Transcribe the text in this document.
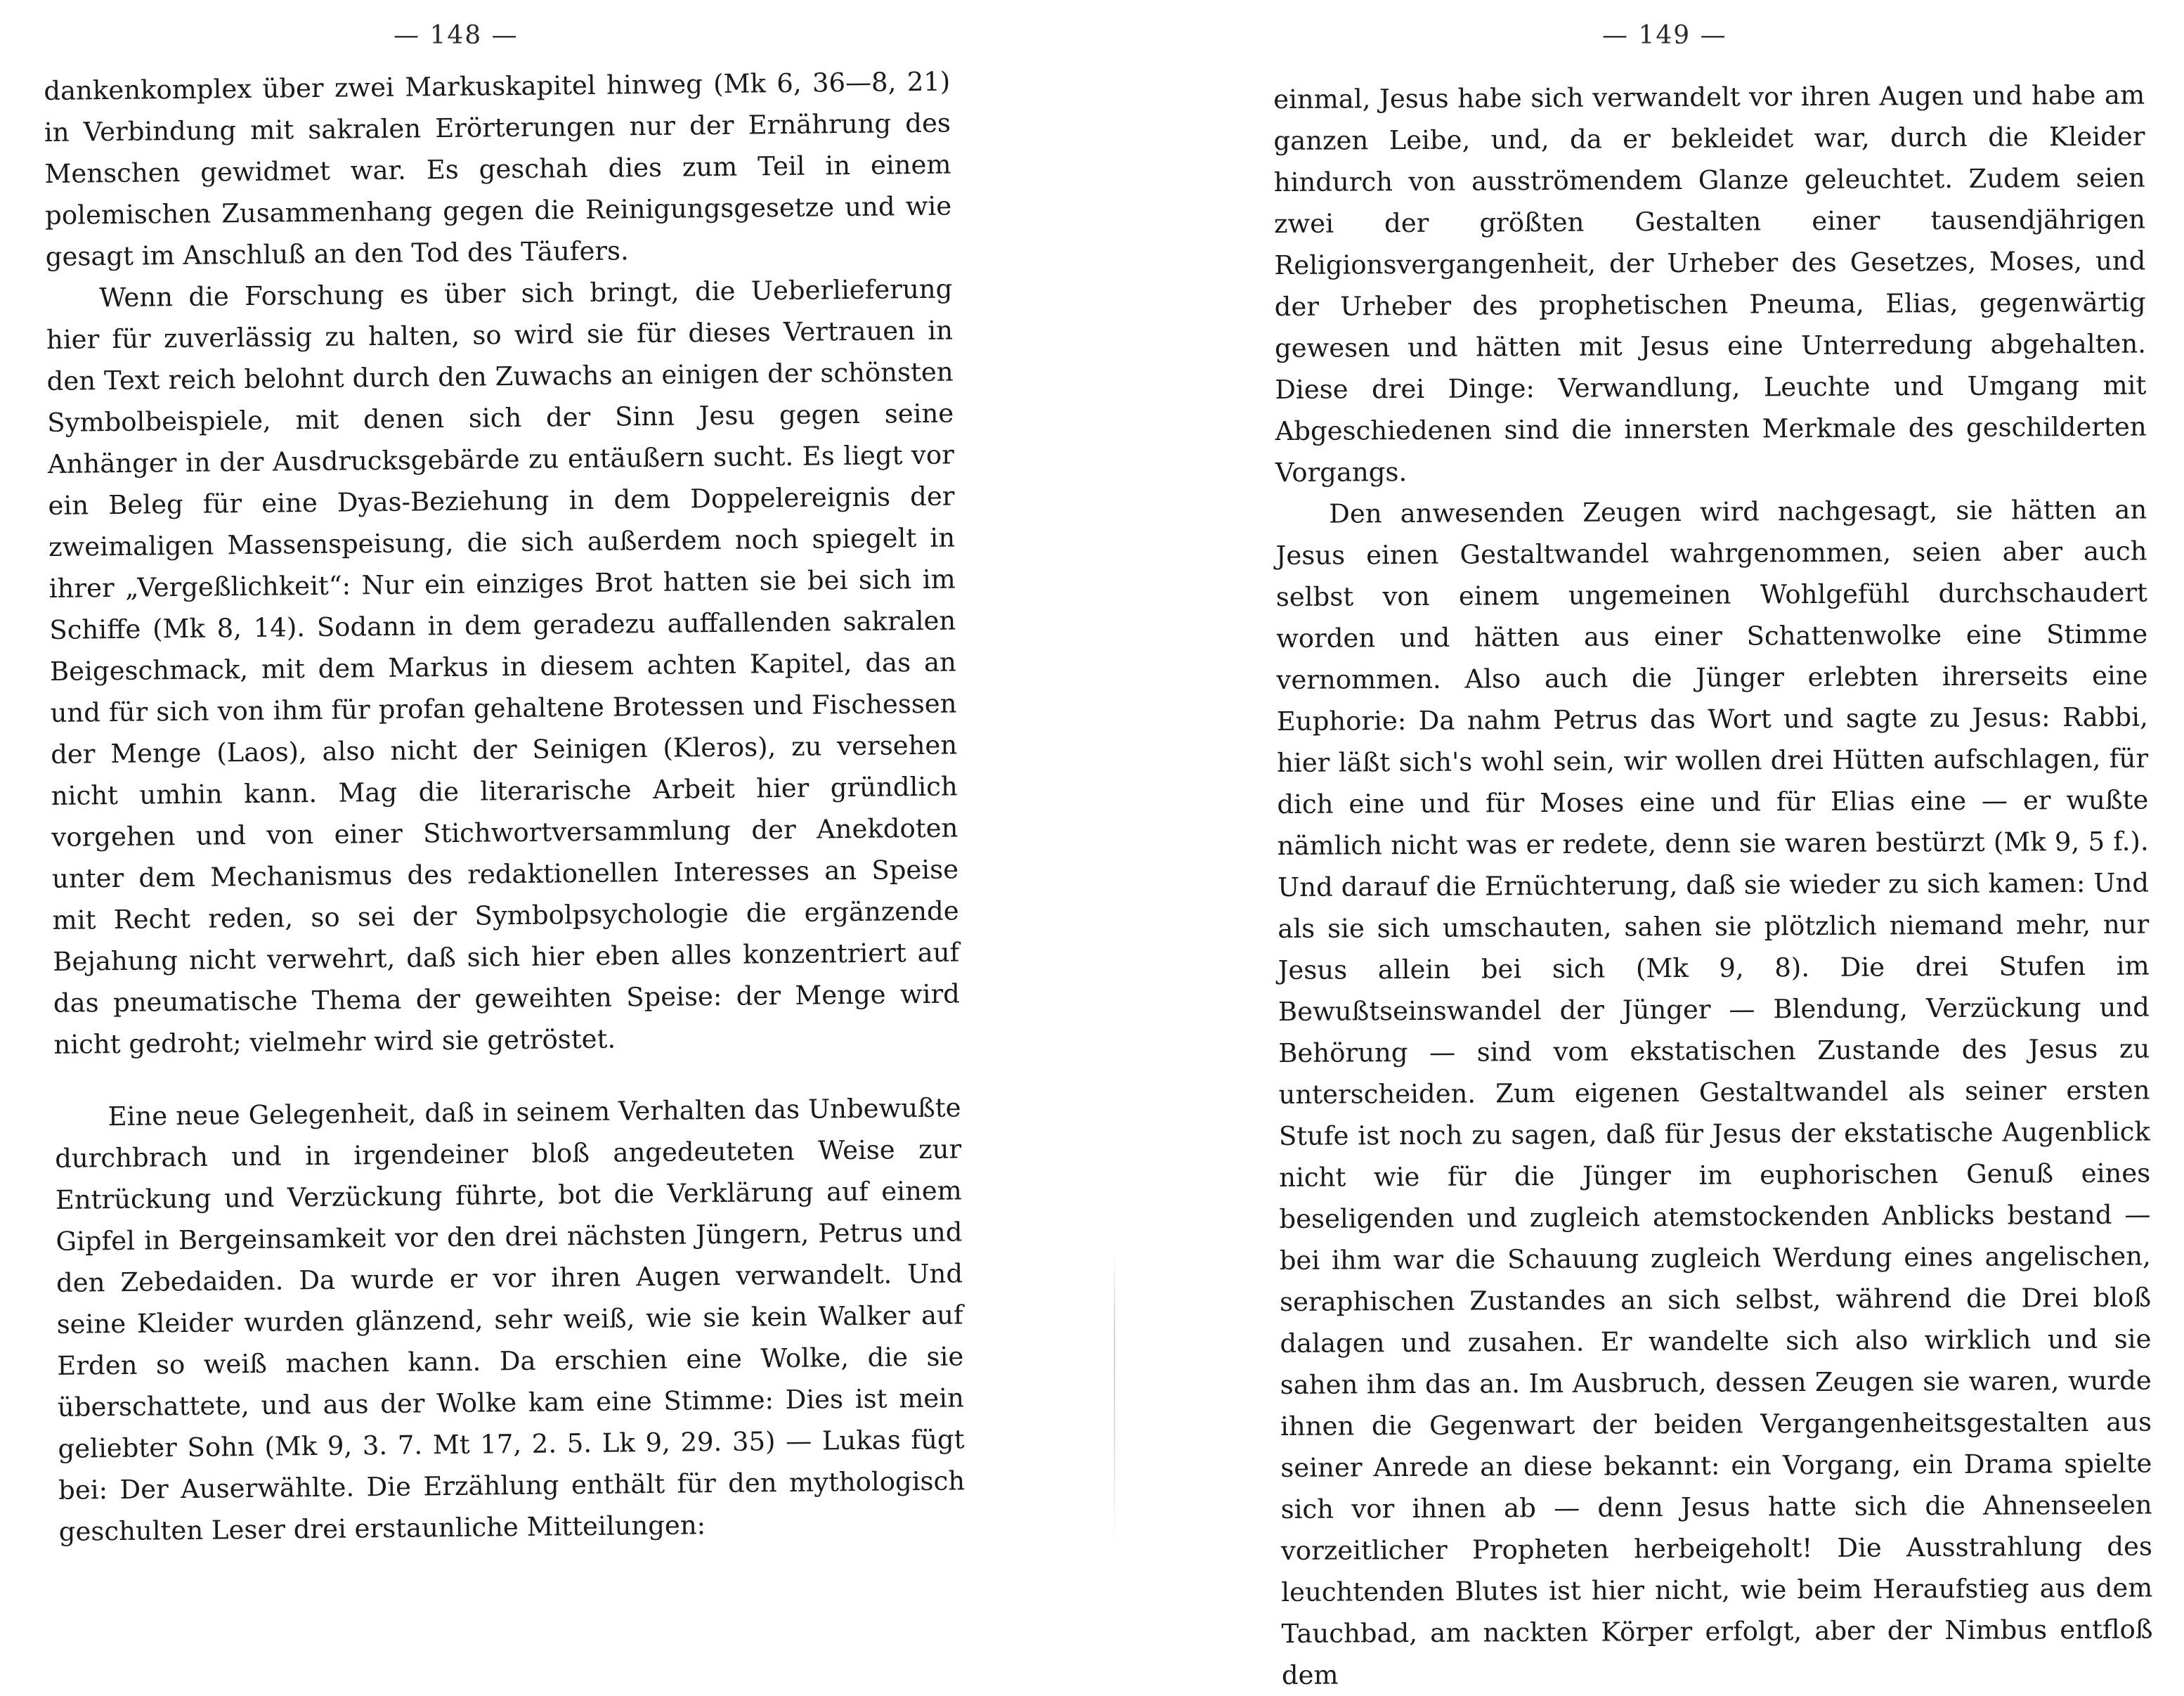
— 148 —

dankenkomplex über zwei Markuskapitel hinweg (Mk 6, 36—8, 21) in Verbindung mit sakralen Erörterungen nur der Ernährung des Menschen gewidmet war. Es geschah dies zum Teil in einem polemischen Zusammenhang gegen die Reinigungsgesetze und wie gesagt im Anschluß an den Tod des Täufers.

Wenn die Forschung es über sich bringt, die Ueberlieferung hier für zuverlässig zu halten, so wird sie für dieses Vertrauen in den Text reich belohnt durch den Zuwachs an einigen der schönsten Symbolbeispiele, mit denen sich der Sinn Jesu gegen seine Anhänger in der Ausdrucksgebärde zu entäußern sucht. Es liegt vor ein Beleg für eine Dyas-Beziehung in dem Doppelereignis der zweimaligen Massenspeisung, die sich außerdem noch spiegelt in ihrer „Vergeßlichkeit“: Nur ein einziges Brot hatten sie bei sich im Schiffe (Mk 8, 14). Sodann in dem geradezu auffallenden sakralen Beigeschmack, mit dem Markus in diesem achten Kapitel, das an und für sich von ihm für profan gehaltene Brotessen und Fischessen der Menge (Laos), also nicht der Seinigen (Kleros), zu versehen nicht umhin kann. Mag die literarische Arbeit hier gründlich vorgehen und von einer Stichwortversammlung der Anekdoten unter dem Mechanismus des redaktionellen Interesses an Speise mit Recht reden, so sei der Symbolpsychologie die ergänzende Bejahung nicht verwehrt, daß sich hier eben alles konzentriert auf das pneumatische Thema der geweihten Speise: der Menge wird nicht gedroht; vielmehr wird sie getröstet.

Eine neue Gelegenheit, daß in seinem Verhalten das Unbewußte durchbrach und in irgendeiner bloß angedeuteten Weise zur Entrückung und Verzückung führte, bot die Verklärung auf einem Gipfel in Bergeinsamkeit vor den drei nächsten Jüngern, Petrus und den Zebedaiden. Da wurde er vor ihren Augen verwandelt. Und seine Kleider wurden glänzend, sehr weiß, wie sie kein Walker auf Erden so weiß machen kann. Da erschien eine Wolke, die sie überschattete, und aus der Wolke kam eine Stimme: Dies ist mein geliebter Sohn (Mk 9, 3. 7. Mt 17, 2. 5. Lk 9, 29. 35) — Lukas fügt bei: Der Auserwählte. Die Erzählung enthält für den mythologisch geschulten Leser drei erstaunliche Mitteilungen:

— 149 —

einmal, Jesus habe sich verwandelt vor ihren Augen und habe am ganzen Leibe, und, da er bekleidet war, durch die Kleider hindurch von ausströmendem Glanze geleuchtet. Zudem seien zwei der größten Gestalten einer tausendjährigen Religionsvergangenheit, der Urheber des Gesetzes, Moses, und der Urheber des prophetischen Pneuma, Elias, gegenwärtig gewesen und hätten mit Jesus eine Unterredung abgehalten. Diese drei Dinge: Verwandlung, Leuchte und Umgang mit Abgeschiedenen sind die innersten Merkmale des geschilderten Vorgangs.

Den anwesenden Zeugen wird nachgesagt, sie hätten an Jesus einen Gestaltwandel wahrgenommen, seien aber auch selbst von einem ungemeinen Wohlgefühl durchschaudert worden und hätten aus einer Schattenwolke eine Stimme vernommen. Also auch die Jünger erlebten ihrerseits eine Euphorie: Da nahm Petrus das Wort und sagte zu Jesus: Rabbi, hier läßt sich's wohl sein, wir wollen drei Hütten aufschlagen, für dich eine und für Moses eine und für Elias eine — er wußte nämlich nicht was er redete, denn sie waren bestürzt (Mk 9, 5 f.). Und darauf die Ernüchterung, daß sie wieder zu sich kamen: Und als sie sich umschauten, sahen sie plötzlich niemand mehr, nur Jesus allein bei sich (Mk 9, 8). Die drei Stufen im Bewußtseinswandel der Jünger — Blendung, Verzückung und Behörung — sind vom ekstatischen Zustande des Jesus zu unterscheiden. Zum eigenen Gestaltwandel als seiner ersten Stufe ist noch zu sagen, daß für Jesus der ekstatische Augenblick nicht wie für die Jünger im euphorischen Genuß eines beseligenden und zugleich atemstockenden Anblicks bestand — bei ihm war die Schauung zugleich Werdung eines angelischen, seraphischen Zustandes an sich selbst, während die Drei bloß dalagen und zusahen. Er wandelte sich also wirklich und sie sahen ihm das an. Im Ausbruch, dessen Zeugen sie waren, wurde ihnen die Gegenwart der beiden Vergangenheitsgestalten aus seiner Anrede an diese bekannt: ein Vorgang, ein Drama spielte sich vor ihnen ab — denn Jesus hatte sich die Ahnenseelen vorzeitlicher Propheten herbeigeholt! Die Ausstrahlung des leuchtenden Blutes ist hier nicht, wie beim Heraufstieg aus dem Tauchbad, am nackten Körper erfolgt, aber der Nimbus entfloß dem
